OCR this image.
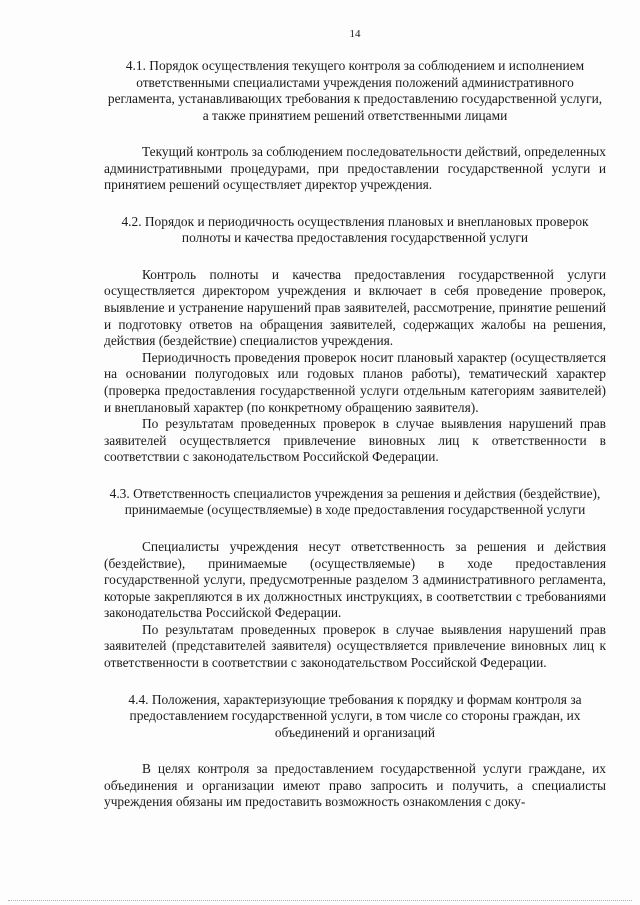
14
4.1. Порядок осуществления текущего контроля за соблюдением и исполнением ответственными специалистами учреждения положений административного регламента, устанавливающих требования к предоставлению государственной услуги, а также принятием решений ответственными лицами

Текущий контроль за соблюдением последовательности действий, определенных административными процедурами, при предоставлении государственной услуги и принятием решений осуществляет директор учреждения.

4.2. Порядок и периодичность осуществления плановых и внеплановых проверок полноты и качества предоставления государственной услуги

Контроль полноты и качества предоставления государственной услуги осуществляется директором учреждения и включает в себя проведение проверок, выявление и устранение нарушений прав заявителей, рассмотрение, принятие решений и подготовку ответов на обращения заявителей, содержащих жалобы на решения, действия (бездействие) специалистов учреждения.

Периодичность проведения проверок носит плановый характер (осуществляется на основании полугодовых или годовых планов работы), тематический характер (проверка предоставления государственной услуги отдельным категориям заявителей) и внеплановый характер (по конкретному обращению заявителя).

По результатам проведенных проверок в случае выявления нарушений прав заявителей осуществляется привлечение виновных лиц к ответственности в соответствии с законодательством Российской Федерации.

4.3. Ответственность специалистов учреждения за решения и действия (бездействие), принимаемые (осуществляемые) в ходе предоставления государственной услуги

Специалисты учреждения несут ответственность за решения и действия (бездействие), принимаемые (осуществляемые) в ходе предоставления государственной услуги, предусмотренные разделом 3 административного регламента, которые закрепляются в их должностных инструкциях, в соответствии с требованиями законодательства Российской Федерации.

По результатам проведенных проверок в случае выявления нарушений прав заявителей (представителей заявителя) осуществляется привлечение виновных лиц к ответственности в соответствии с законодательством Российской Федерации.

4.4. Положения, характеризующие требования к порядку и формам контроля за предоставлением государственной услуги, в том числе со стороны граждан, их объединений и организаций

В целях контроля за предоставлением государственной услуги граждане, их объединения и организации имеют право запросить и получить, а специалисты учреждения обязаны им предоставить возможность ознакомления с доку-
